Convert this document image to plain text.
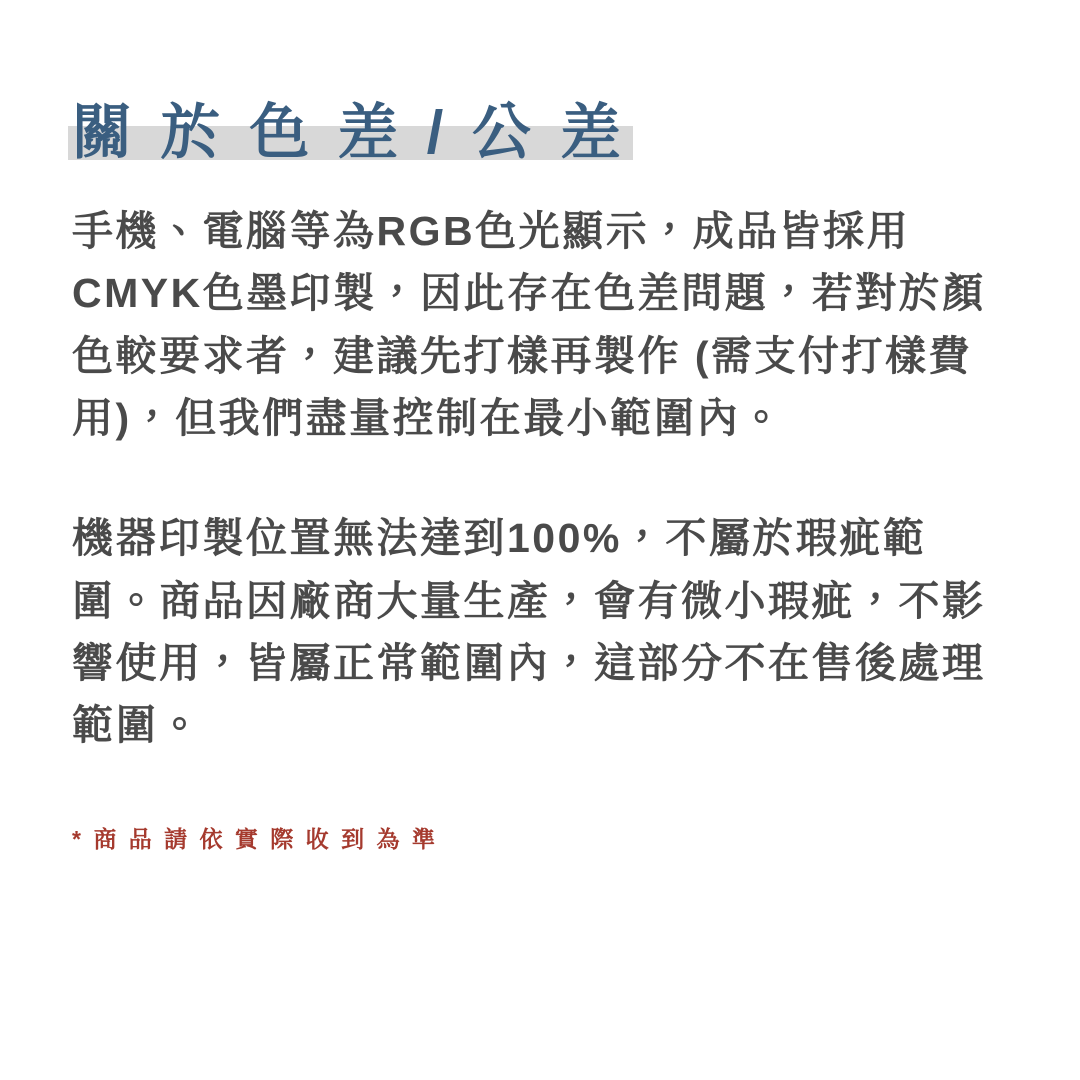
關 於 色 差 / 公 差

手機、電腦等為RGB色光顯示，成品皆採用CMYK色墨印製，因此存在色差問題，若對於顏色較要求者，建議先打樣再製作 (需支付打樣費用)，但我們盡量控制在最小範圍內。

機器印製位置無法達到100%，不屬於瑕疵範圍。商品因廠商大量生產，會有微小瑕疵，不影響使用，皆屬正常範圍內，這部分不在售後處理範圍。

* 商 品 請 依 實 際 收 到 為 準
